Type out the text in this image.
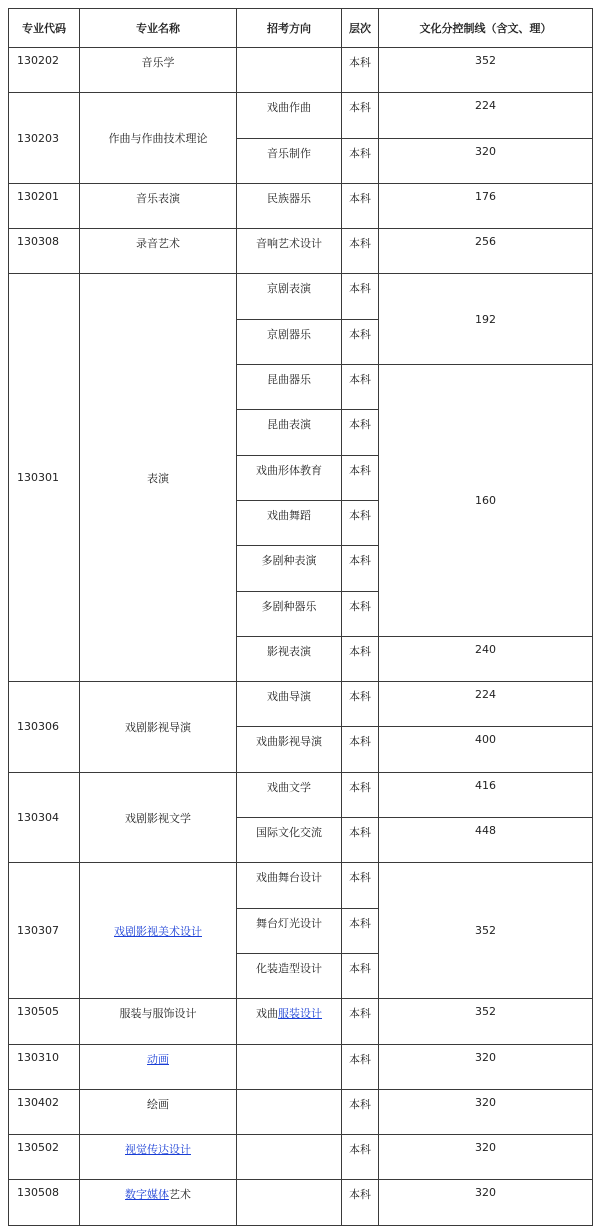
专业代码	专业名称	招考方向	层次	文化分控制线（含文、理）
130202	音乐学		本科	352
130203	作曲与作曲技术理论	戏曲作曲	本科	224
		音乐制作	本科	320
130201	音乐表演	民族器乐	本科	176
130308	录音艺术	音响艺术设计	本科	256
130301	表演	京剧表演	本科	192
		京剧器乐	本科	
		昆曲器乐	本科	160
		昆曲表演	本科	
		戏曲形体教育	本科	
		戏曲舞蹈	本科	
		多剧种表演	本科	
		多剧种器乐	本科	
		影视表演	本科	240
130306	戏剧影视导演	戏曲导演	本科	224
		戏曲影视导演	本科	400
130304	戏剧影视文学	戏曲文学	本科	416
		国际文化交流	本科	448
130307	戏剧影视美术设计	戏曲舞台设计	本科	352
		舞台灯光设计	本科	
		化装造型设计	本科	
130505	服装与服饰设计	戏曲服装设计	本科	352
130310	动画		本科	320
130402	绘画		本科	320
130502	视觉传达设计		本科	320
130508	数字媒体艺术		本科	320
